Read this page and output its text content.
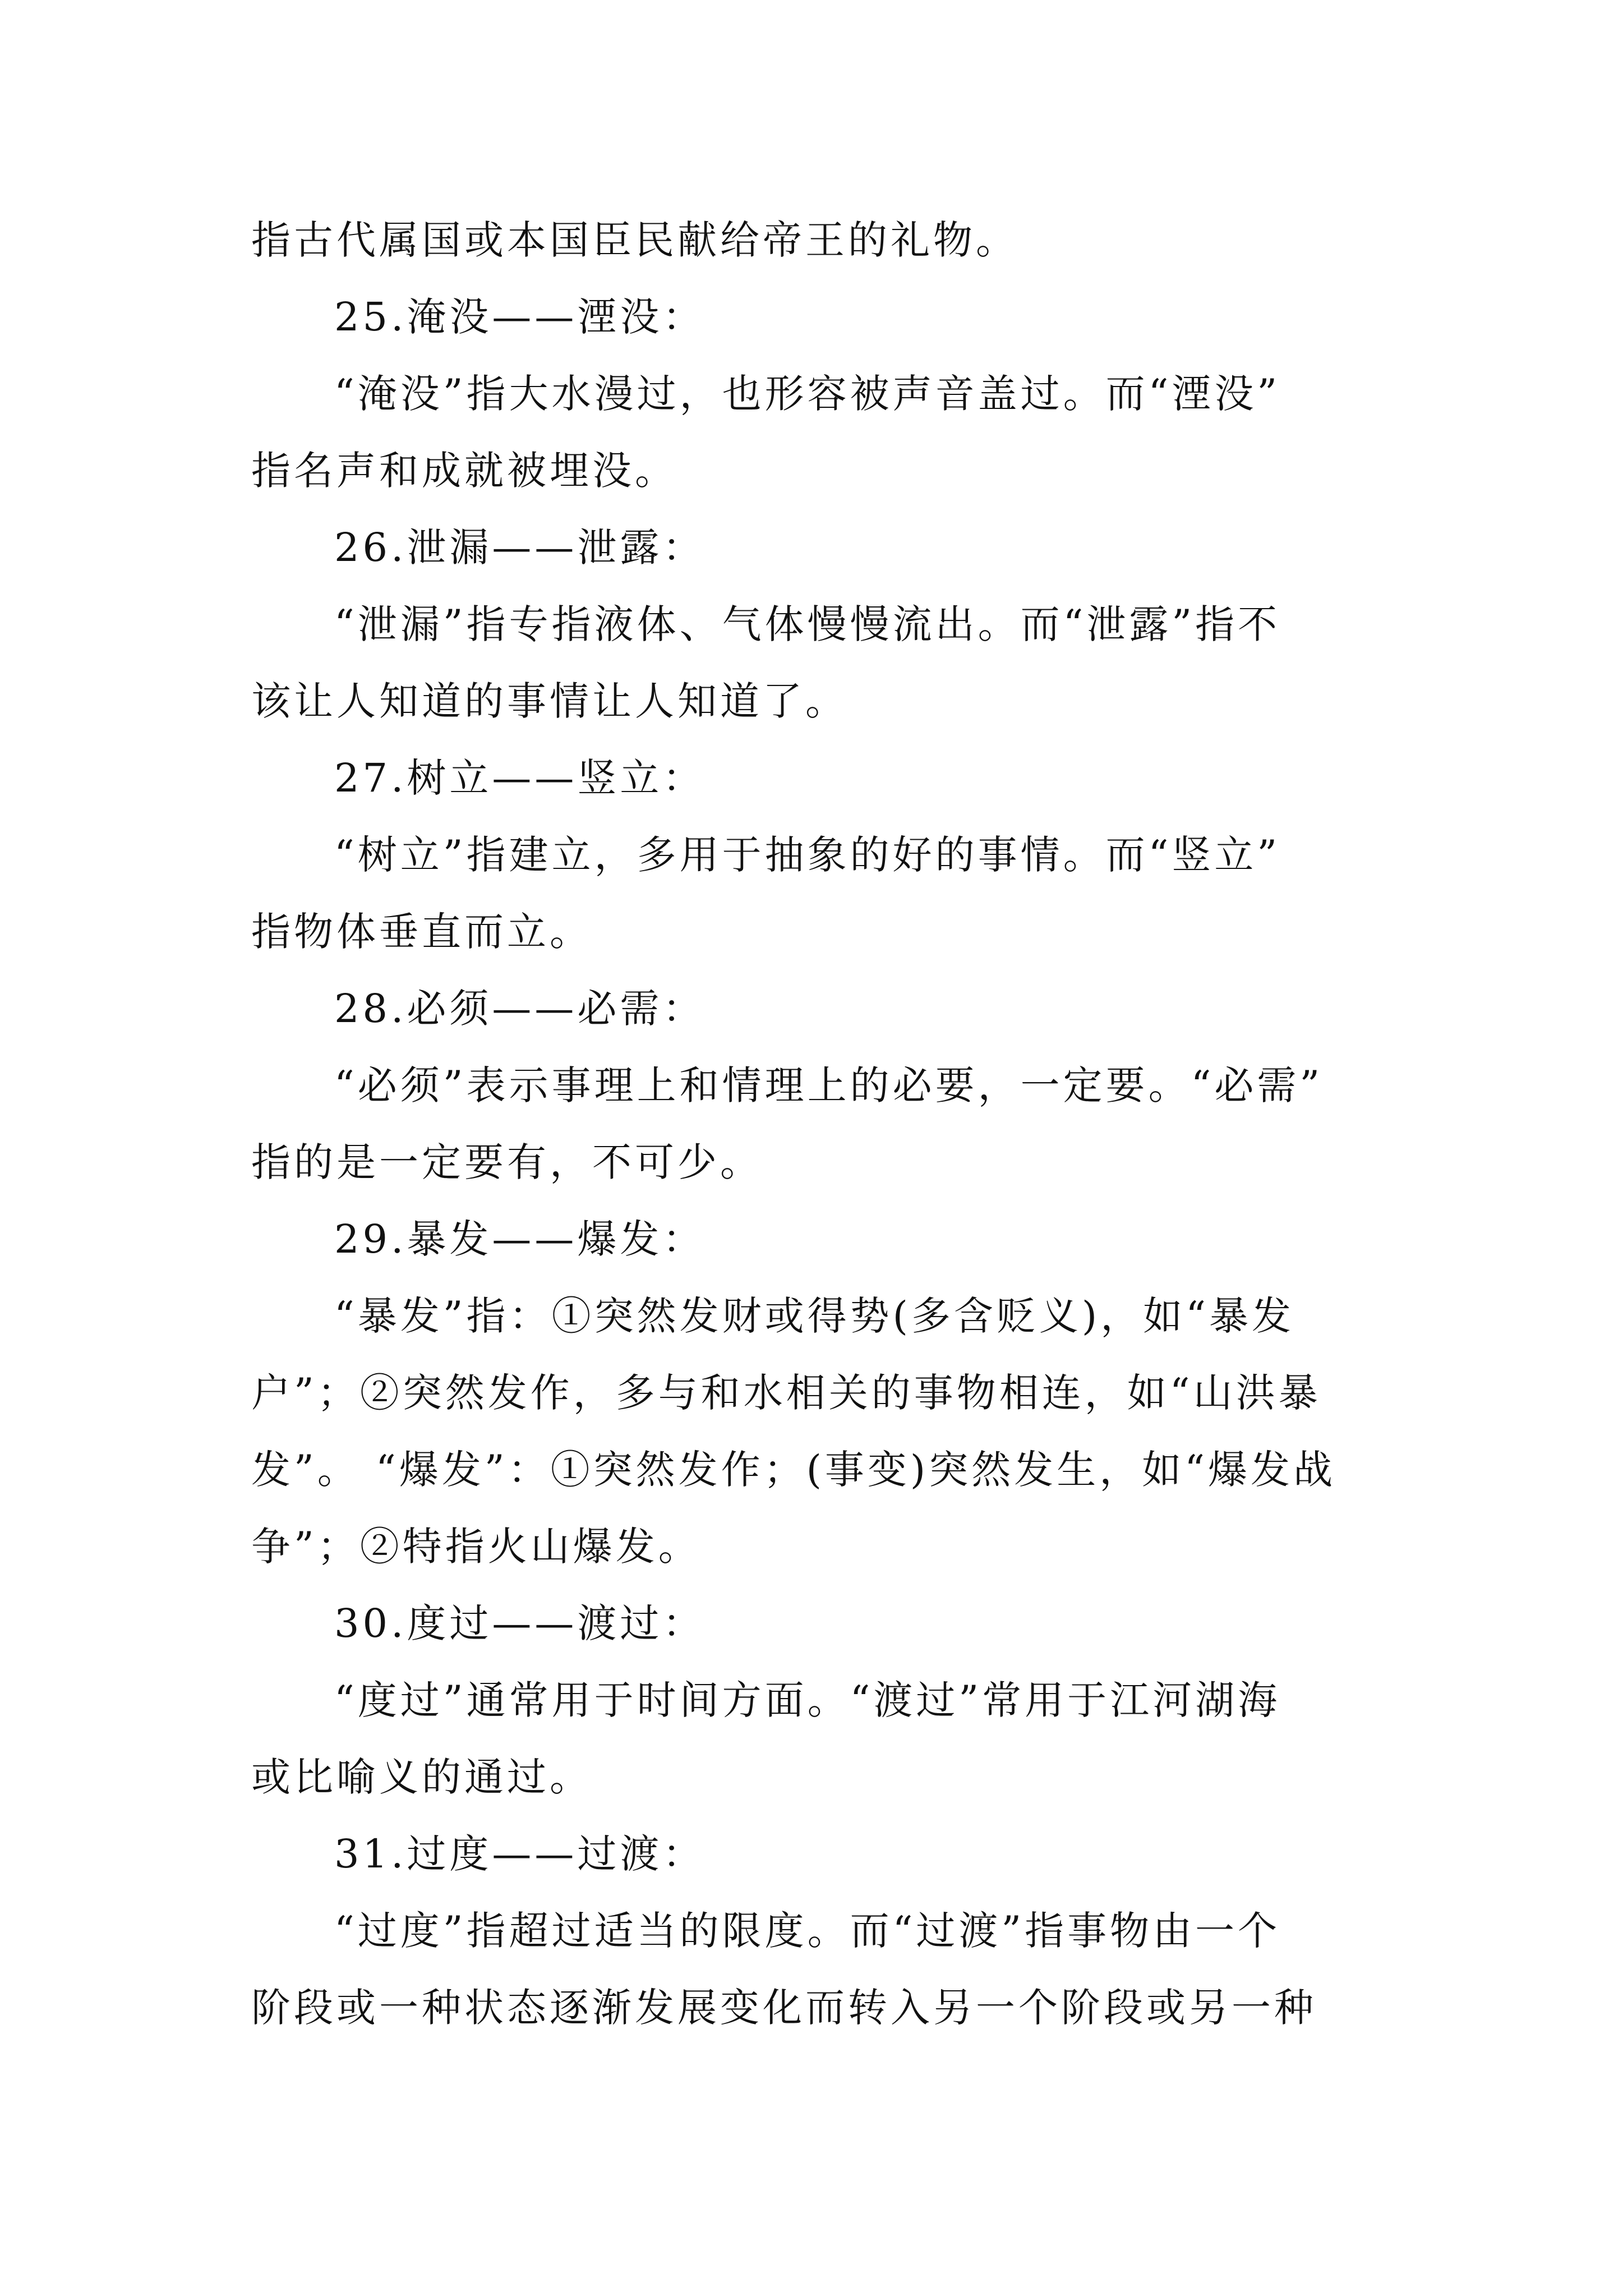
指古代属国或本国臣民献给帝王的礼物。
25.淹没——湮没：
“淹没”指大水漫过，也形容被声音盖过。而“湮没”
指名声和成就被埋没。
26.泄漏——泄露：
“泄漏”指专指液体、气体慢慢流出。而“泄露”指不
该让人知道的事情让人知道了。
27.树立——竖立：
“树立”指建立，多用于抽象的好的事情。而“竖立”
指物体垂直而立。
28.必须——必需：
“必须”表示事理上和情理上的必要，一定要。“必需”
指的是一定要有，不可少。
29.暴发——爆发：
“暴发”指：①突然发财或得势(多含贬义)，如“暴发
户”；②突然发作，多与和水相关的事物相连，如“山洪暴
发”。 “爆发”：①突然发作；(事变)突然发生，如“爆发战
争”；②特指火山爆发。
30.度过——渡过：
“度过”通常用于时间方面。“渡过”常用于江河湖海
或比喻义的通过。
31.过度——过渡：
“过度”指超过适当的限度。而“过渡”指事物由一个
阶段或一种状态逐渐发展变化而转入另一个阶段或另一种
